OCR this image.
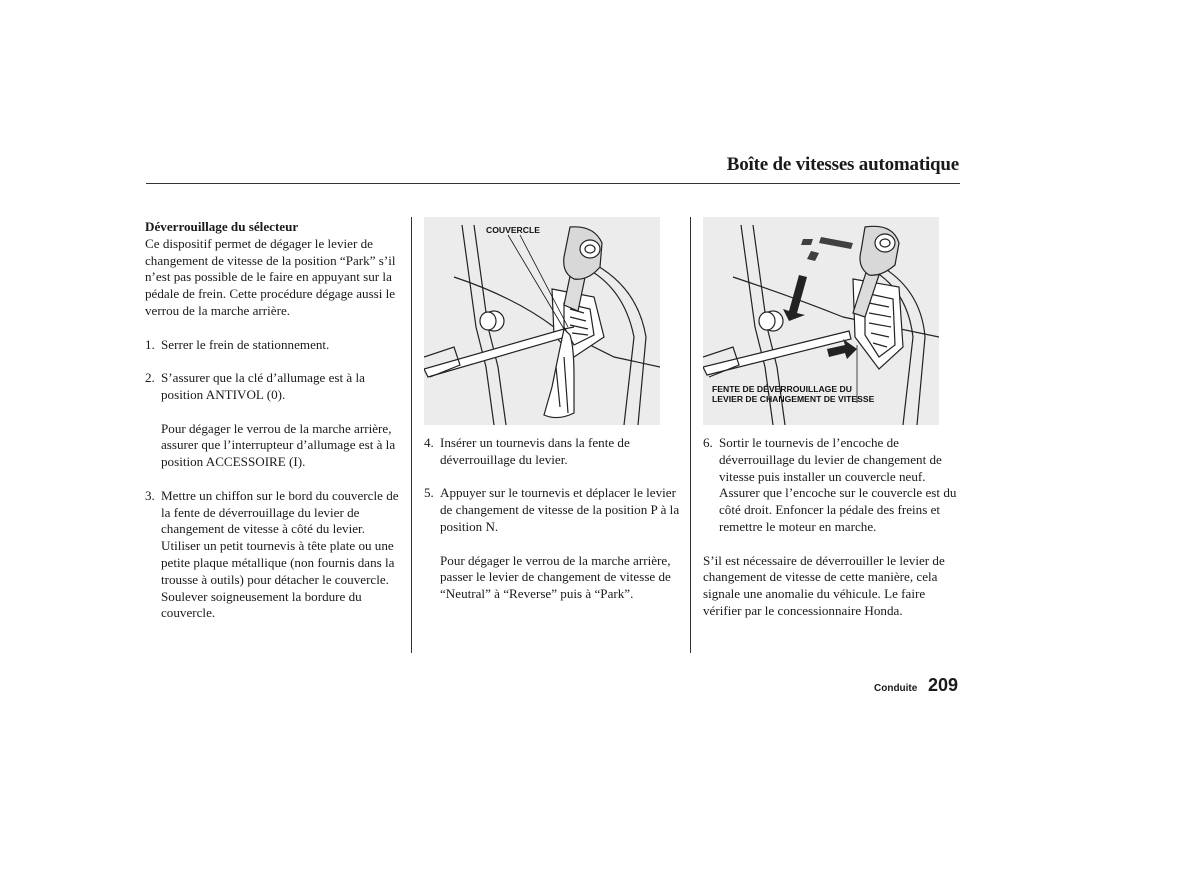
Boîte de vitesses automatique

Déverrouillage du sélecteur

Ce dispositif permet de dégager le levier de changement de vitesse de la position “Park” s’il n’est pas possible de le faire en appuyant sur la pédale de frein. Cette procédure dégage aussi le verrou de la marche arrière.

1. Serrer le frein de stationnement.
2. S’assurer que la clé d’allumage est à la position ANTIVOL (0).

Pour dégager le verrou de la marche arrière, assurer que l’interrupteur d’allumage est à la position ACCESSOIRE (I).

3. Mettre un chiffon sur le bord du couvercle de la fente de déverrouillage du levier de changement de vitesse à côté du levier. Utiliser un petit tournevis à tête plate ou une petite plaque métallique (non fournis dans la trousse à outils) pour détacher le couvercle. Soulever soigneusement la bordure du couvercle.
COUVERCLE
FENTE DE DÉVERROUILLAGE DU LEVIER DE CHANGEMENT DE VITESSE
4. Insérer un tournevis dans la fente de déverrouillage du levier.
5. Appuyer sur le tournevis et déplacer le levier de changement de vitesse de la position P à la position N.

Pour dégager le verrou de la marche arrière, passer le levier de changement de vitesse de “Neutral” à “Reverse” puis à “Park”.

6. Sortir le tournevis de l’encoche de déverrouillage du levier de changement de vitesse puis installer un couvercle neuf. Assurer que l’encoche sur le couvercle est du côté droit. Enfoncer la pédale des freins et remettre le moteur en marche.

S’il est nécessaire de déverrouiller le levier de changement de vitesse de cette manière, cela signale une anomalie du véhicule. Le faire vérifier par le concessionnaire Honda.

Conduite 209
